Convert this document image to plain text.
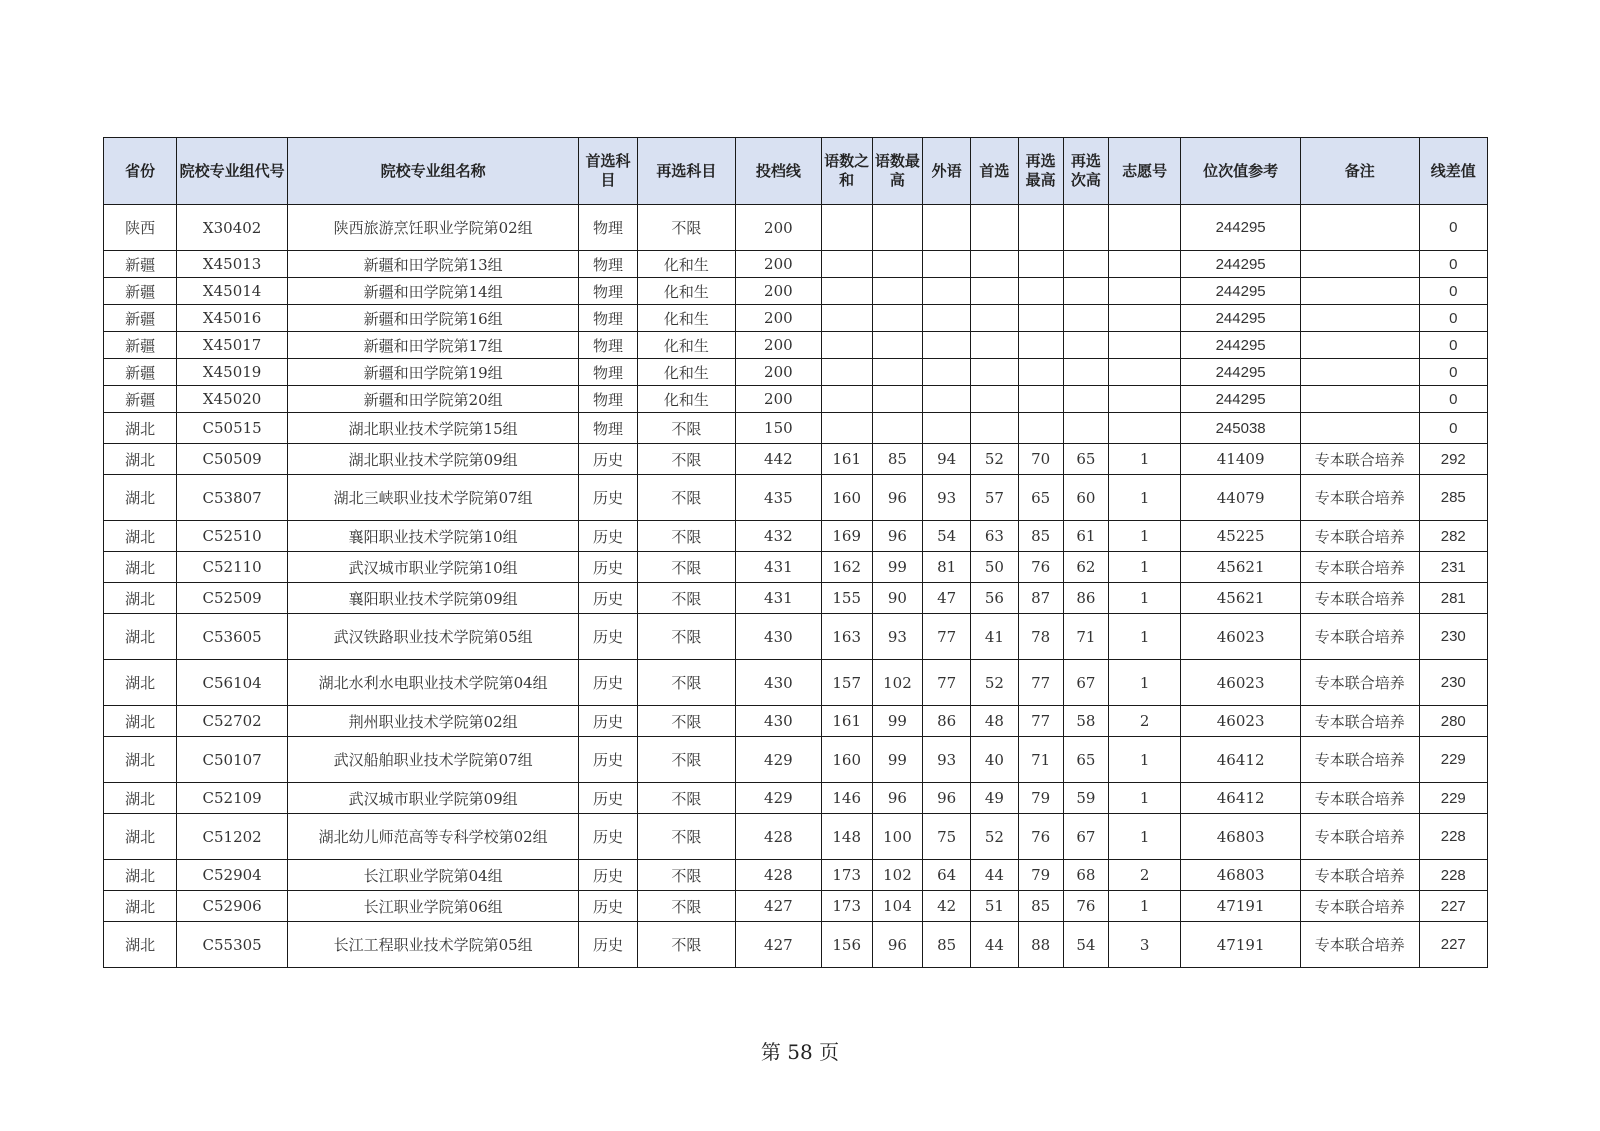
省份	院校专业组代号	院校专业组名称	首选科目	再选科目	投档线	语数之和	语数最高	外语	首选	再选最高	再选次高	志愿号	位次值参考	备注	线差值
陕西	X30402	陕西旅游烹饪职业学院第02组	物理	不限	200								244295		0
新疆	X45013	新疆和田学院第13组	物理	化和生	200								244295		0
新疆	X45014	新疆和田学院第14组	物理	化和生	200								244295		0
新疆	X45016	新疆和田学院第16组	物理	化和生	200								244295		0
新疆	X45017	新疆和田学院第17组	物理	化和生	200								244295		0
新疆	X45019	新疆和田学院第19组	物理	化和生	200								244295		0
新疆	X45020	新疆和田学院第20组	物理	化和生	200								244295		0
湖北	C50515	湖北职业技术学院第15组	物理	不限	150								245038		0
湖北	C50509	湖北职业技术学院第09组	历史	不限	442	161	85	94	52	70	65	1	41409	专本联合培养	292
湖北	C53807	湖北三峡职业技术学院第07组	历史	不限	435	160	96	93	57	65	60	1	44079	专本联合培养	285
湖北	C52510	襄阳职业技术学院第10组	历史	不限	432	169	96	54	63	85	61	1	45225	专本联合培养	282
湖北	C52110	武汉城市职业学院第10组	历史	不限	431	162	99	81	50	76	62	1	45621	专本联合培养	231
湖北	C52509	襄阳职业技术学院第09组	历史	不限	431	155	90	47	56	87	86	1	45621	专本联合培养	281
湖北	C53605	武汉铁路职业技术学院第05组	历史	不限	430	163	93	77	41	78	71	1	46023	专本联合培养	230
湖北	C56104	湖北水利水电职业技术学院第04组	历史	不限	430	157	102	77	52	77	67	1	46023	专本联合培养	230
湖北	C52702	荆州职业技术学院第02组	历史	不限	430	161	99	86	48	77	58	2	46023	专本联合培养	280
湖北	C50107	武汉船舶职业技术学院第07组	历史	不限	429	160	99	93	40	71	65	1	46412	专本联合培养	229
湖北	C52109	武汉城市职业学院第09组	历史	不限	429	146	96	96	49	79	59	1	46412	专本联合培养	229
湖北	C51202	湖北幼儿师范高等专科学校第02组	历史	不限	428	148	100	75	52	76	67	1	46803	专本联合培养	228
湖北	C52904	长江职业学院第04组	历史	不限	428	173	102	64	44	79	68	2	46803	专本联合培养	228
湖北	C52906	长江职业学院第06组	历史	不限	427	173	104	42	51	85	76	1	47191	专本联合培养	227
湖北	C55305	长江工程职业技术学院第05组	历史	不限	427	156	96	85	44	88	54	3	47191	专本联合培养	227
第 58 页
